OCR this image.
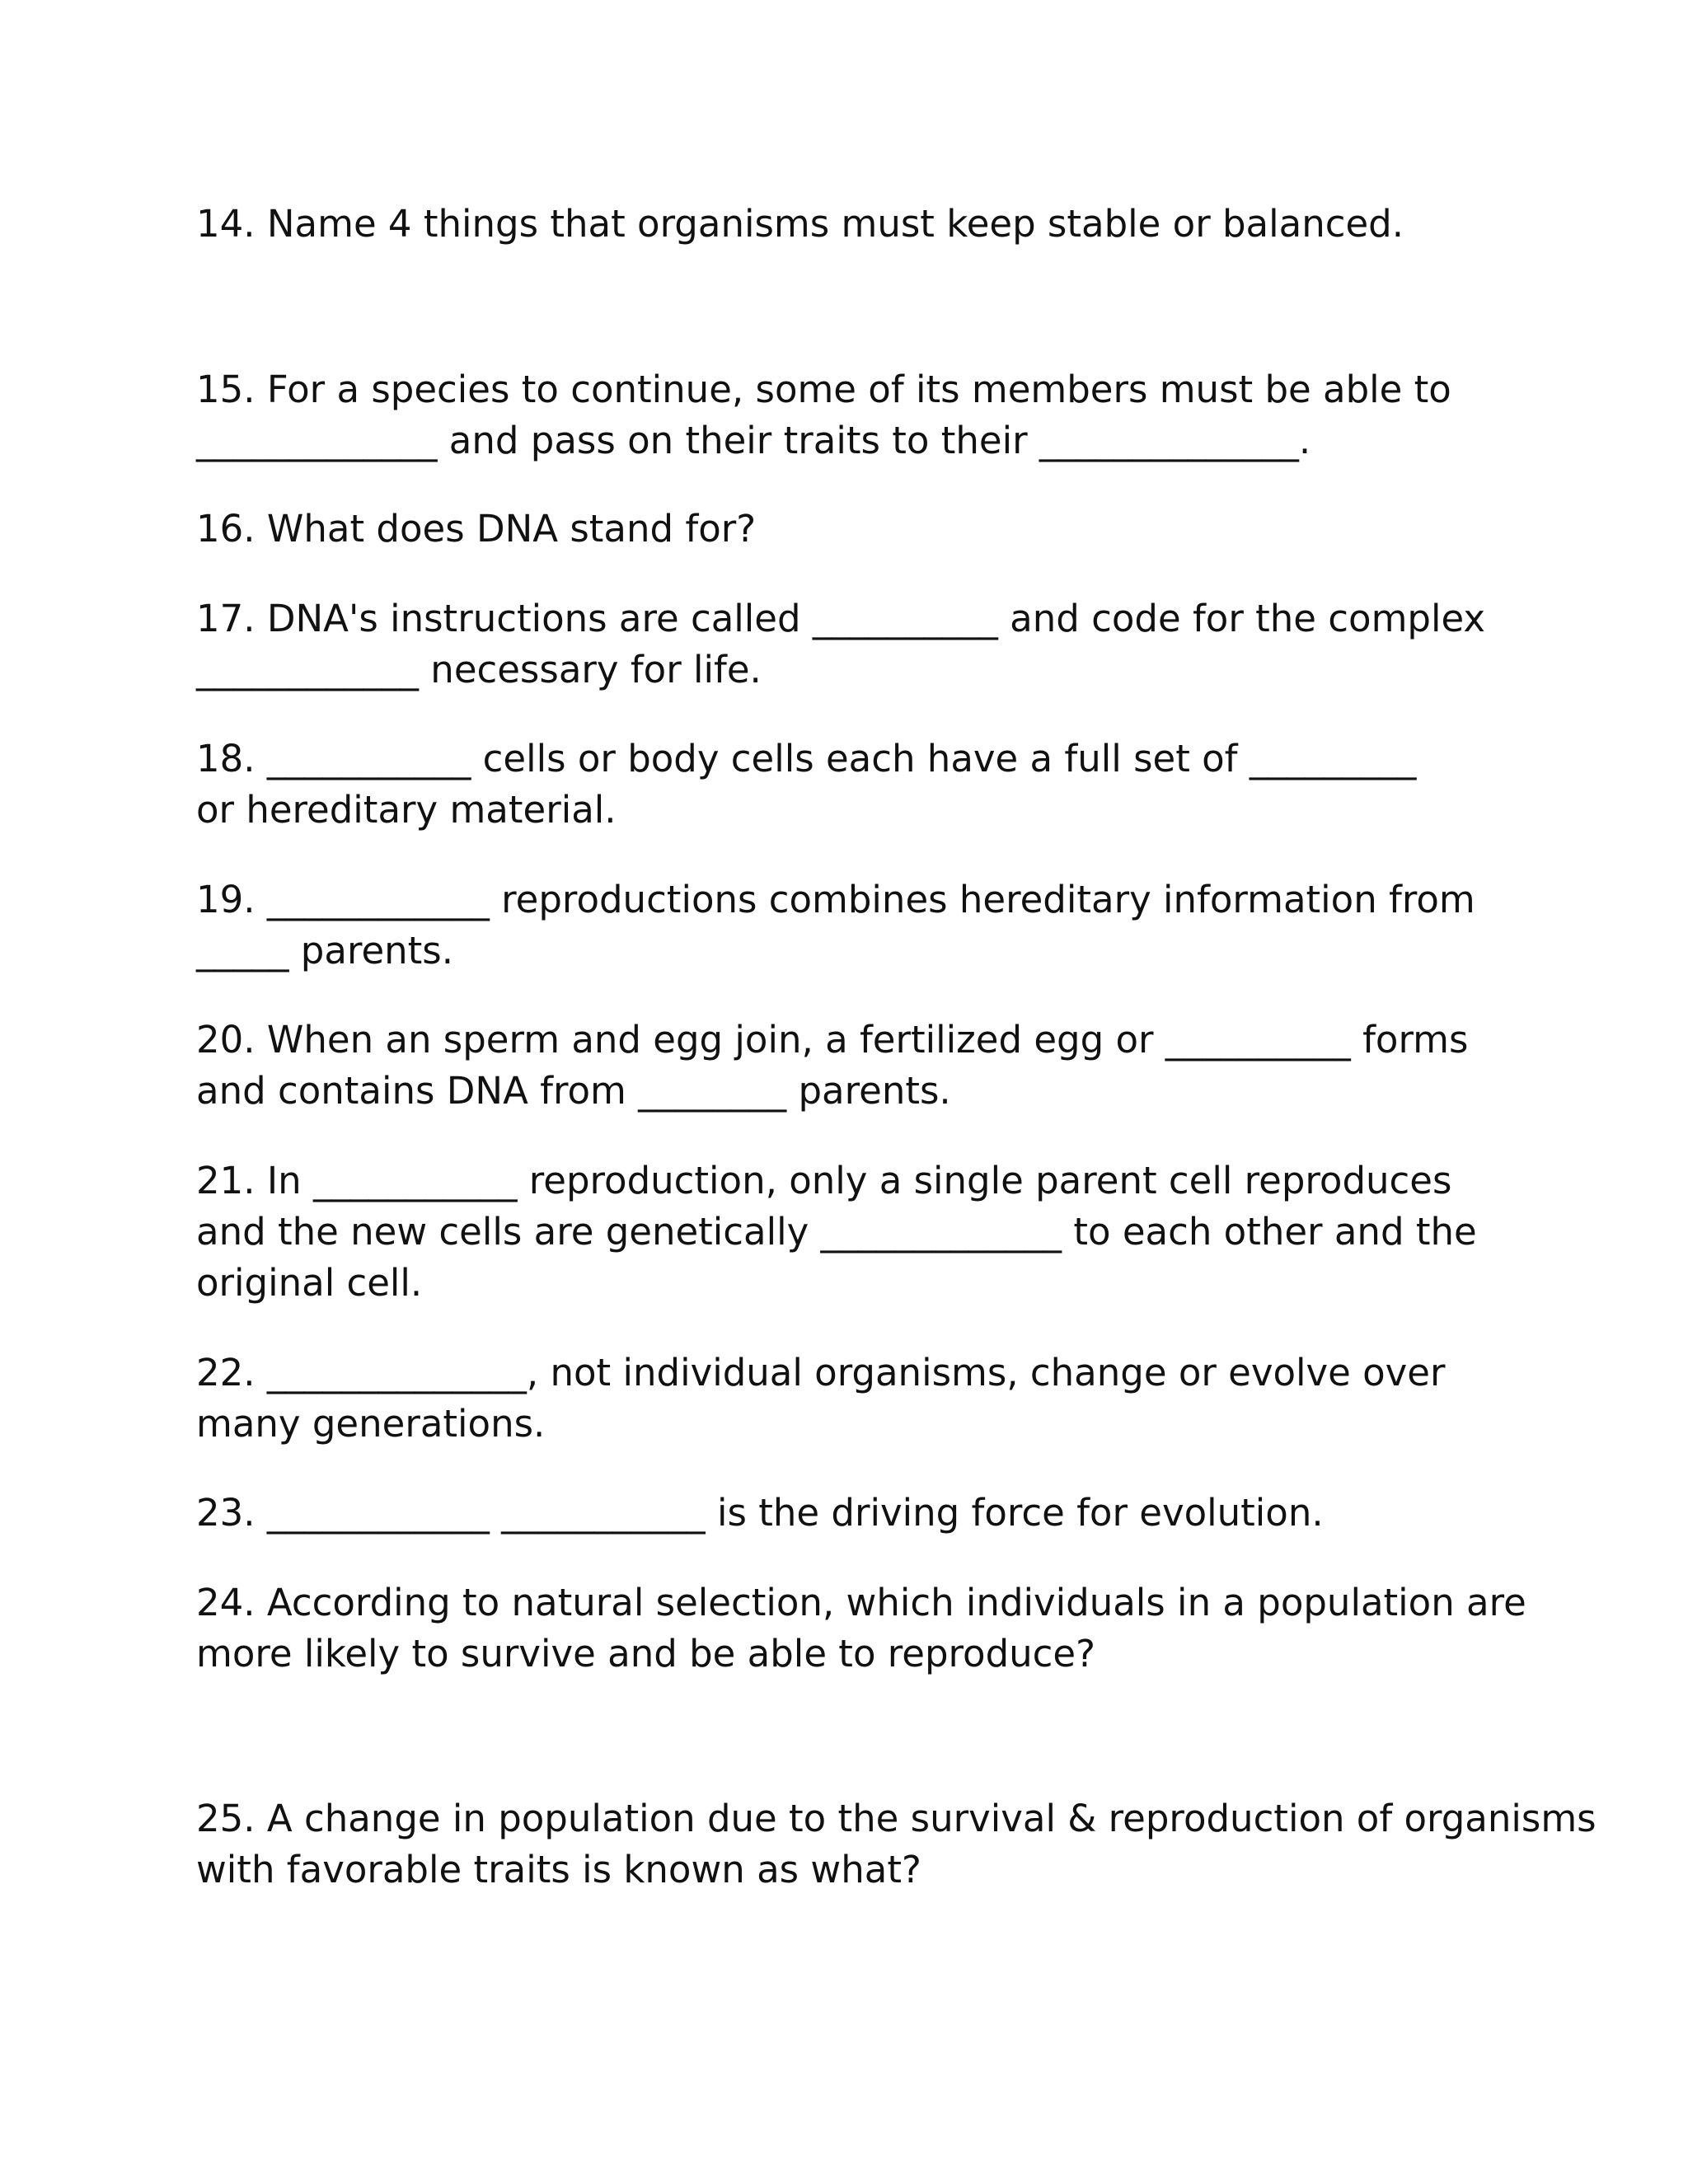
14. Name 4 things that organisms must keep stable or balanced.
15. For a species to continue, some of its members must be able to
_____________ and pass on their traits to their ______________.
16. What does DNA stand for?
17. DNA's instructions are called __________ and code for the complex
____________ necessary for life.
18. ___________ cells or body cells each have a full set of _________
or hereditary material.
19. ____________ reproductions combines hereditary information from
_____ parents.
20. When an sperm and egg join, a fertilized egg or __________ forms
and contains DNA from ________ parents.
21. In ___________ reproduction, only a single parent cell reproduces
and the new cells are genetically _____________ to each other and the
original cell.
22. ______________, not individual organisms, change or evolve over
many generations.
23. ____________ ___________ is the driving force for evolution.
24. According to natural selection, which individuals in a population are
more likely to survive and be able to reproduce?
25. A change in population due to the survival & reproduction of organisms
with favorable traits is known as what?
